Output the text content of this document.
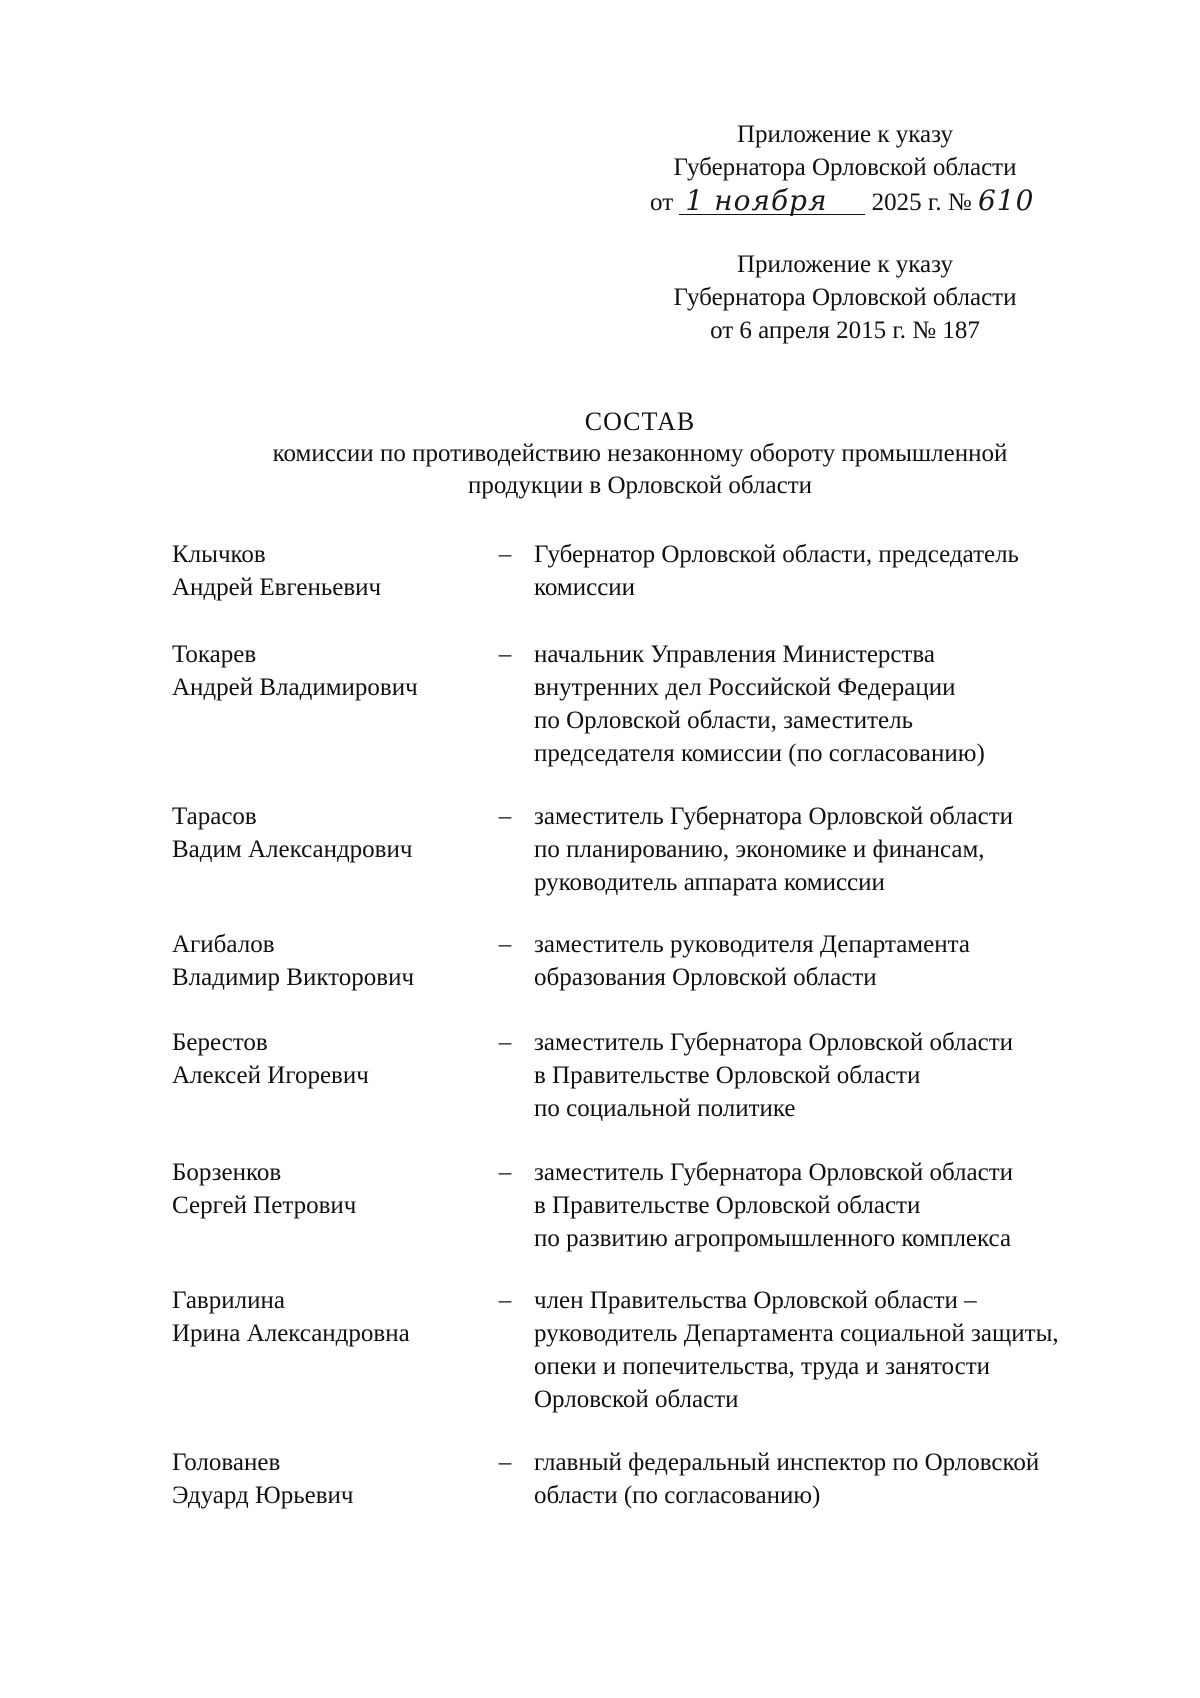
Приложение к указу
Губернатора Орловской области
от 1 ноября 2025 г. № 610
Приложение к указу
Губернатора Орловской области
от 6 апреля 2015 г. № 187
СОСТАВ
комиссии по противодействию незаконному обороту промышленной
продукции в Орловской области
Клычков
Андрей Евгеньевич
– Губернатор Орловской области, председатель
комиссии
Токарев
Андрей Владимирович
– начальник Управления Министерства
внутренних дел Российской Федерации
по Орловской области, заместитель
председателя комиссии (по согласованию)
Тарасов
Вадим Александрович
– заместитель Губернатора Орловской области
по планированию, экономике и финансам,
руководитель аппарата комиссии
Агибалов
Владимир Викторович
– заместитель руководителя Департамента
образования Орловской области
Берестов
Алексей Игоревич
– заместитель Губернатора Орловской области
в Правительстве Орловской области
по социальной политике
Борзенков
Сергей Петрович
– заместитель Губернатора Орловской области
в Правительстве Орловской области
по развитию агропромышленного комплекса
Гаврилина
Ирина Александровна
– член Правительства Орловской области –
руководитель Департамента социальной защиты,
опеки и попечительства, труда и занятости
Орловской области
Голованев
Эдуард Юрьевич
– главный федеральный инспектор по Орловской
области (по согласованию)
